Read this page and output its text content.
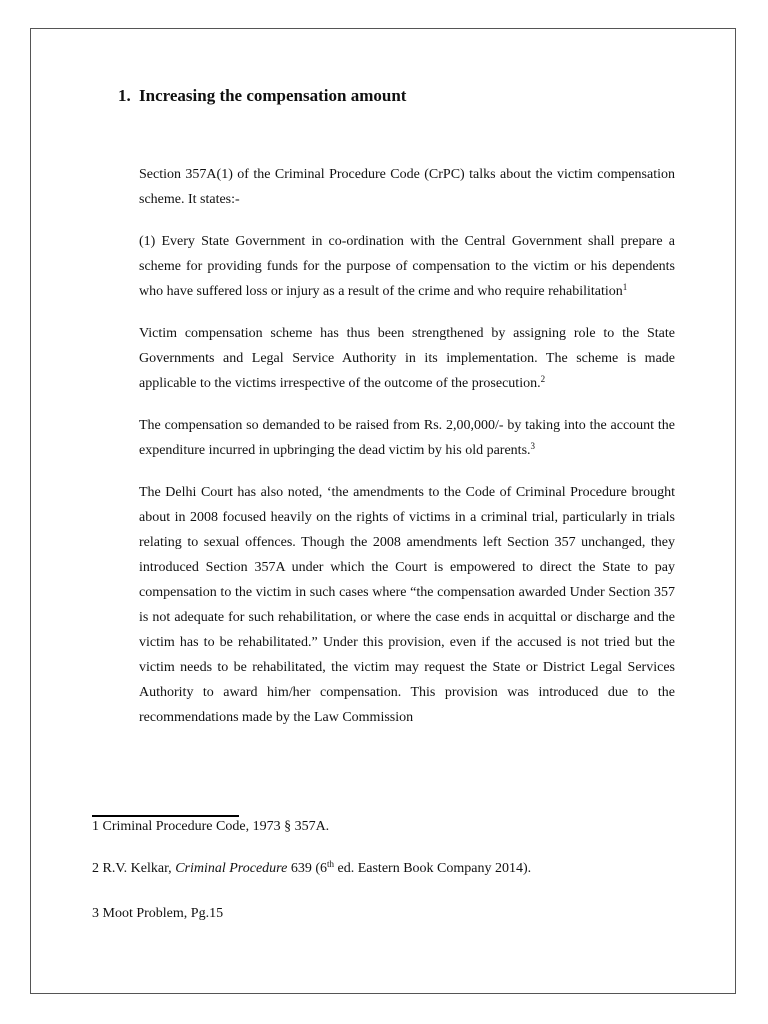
1. Increasing the compensation amount

Section 357A(1) of the Criminal Procedure Code (CrPC) talks about the victim compensation scheme. It states:-

(1) Every State Government in co-ordination with the Central Government shall prepare a scheme for providing funds for the purpose of compensation to the victim or his dependents who have suffered loss or injury as a result of the crime and who require rehabilitation$^1$

Victim compensation scheme has thus been strengthened by assigning role to the State Governments and Legal Service Authority in its implementation. The scheme is made applicable to the victims irrespective of the outcome of the prosecution.$^2$

The compensation so demanded to be raised from Rs. 2,00,000/- by taking into the account the expenditure incurred in upbringing the dead victim by his old parents.$^3$

The Delhi Court has also noted, ‘the amendments to the Code of Criminal Procedure brought about in 2008 focused heavily on the rights of victims in a criminal trial, particularly in trials relating to sexual offences. Though the 2008 amendments left Section 357 unchanged, they introduced Section 357A under which the Court is empowered to direct the State to pay compensation to the victim in such cases where “the compensation awarded Under Section 357 is not adequate for such rehabilitation, or where the case ends in acquittal or discharge and the victim has to be rehabilitated.” Under this provision, even if the accused is not tried but the victim needs to be rehabilitated, the victim may request the State or District Legal Services Authority to award him/her compensation. This provision was introduced due to the recommendations made by the Law Commission

1 Criminal Procedure Code, 1973 § 357A.
2 R.V. Kelkar, Criminal Procedure 639 (6th ed. Eastern Book Company 2014).
3 Moot Problem, Pg.15
